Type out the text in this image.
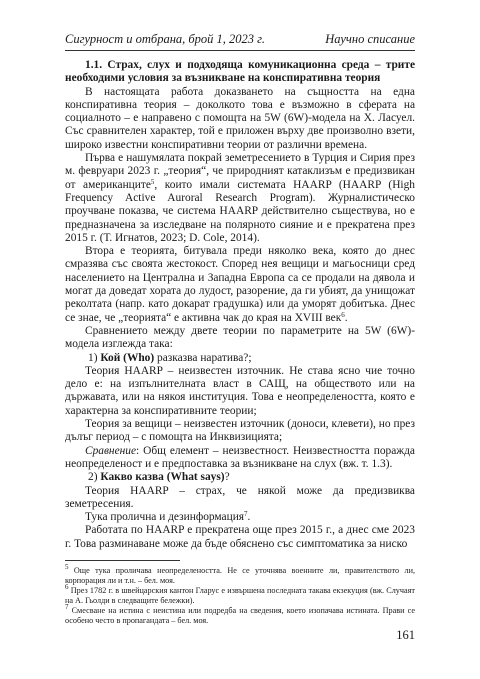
Сигурност и отбрана, брой 1, 2023 г.	Научно списание

1.1. Страх, слух и подходяща комуникационна среда – трите необходими условия за възникване на конспиративна теория

В настоящата работа доказването на същността на една конспиративна теория – доколкото това е възможно в сферата на социалното – е направено с помощта на 5W (6W)-модела на Х. Ласуел. Със сравнителен характер, той е приложен върху две произволно взети, широко известни конспиративни теории от различни времена.

Първа е нашумялата покрай земетресението в Турция и Сирия през м. февруари 2023 г. „теория“, че природният катаклизъм е предизвикан от американците$^5$, които имали системата HAARP (HAARP (High Frequency Active Auroral Research Program). Журналистическо проучване показва, че система HAARP действително съществува, но е предназначена за изследване на полярното сияние и е прекратена през 2015 г. (Т. Игнатов, 2023; D. Cole, 2014).

Втора е теорията, битувала преди няколко века, която до днес смразява със своята жестокост. Според нея вещици и магьосници сред населението на Централна и Западна Европа са се продали на дявола и могат да доведат хората до лудост, разорение, да ги убият, да унищожат реколтата (напр. като докарат градушка) или да уморят добитъка. Днес се знае, че „теорията“ е активна чак до края на XVIII век$^6$.

Сравнението между двете теории по параметрите на 5W (6W)-модела изглежда така:

1) Кой (Who) разказва наратива?;

Теория HAARP – неизвестен източник. Не става ясно чие точно дело е: на изпълнителната власт в САЩ, на обществото или на държавата, или на някоя институция. Това е неопределеността, която е характерна за конспиративните теории;

Теория за вещици – неизвестен източник (доноси, клевети), но през дълъг период – с помощта на Инквизицията;

Сравнение: Общ елемент – неизвестност. Неизвестността поражда неопределеност и е предпоставка за възникване на слух (вж. т. 1.3).

2) Какво казва (What says)?

Теория HAARP – страх, че някой може да предизвиква земетресения.

Тука пролична и дезинформация$^7$.

Работата по HAARP е прекратена още през 2015 г., а днес сме 2023 г. Това разминаване може да бъде обяснено със симптоматика за ниско

$^5$ Още тука проличава неопределеността. Не се уточнява военните ли, правителството ли, корпорация ли и т.н. – бел. моя.

$^6$ През 1782 г. в швейцарския кантон Гларус е извършена последната такава екзекуция (вж. Случаят на А. Гьолди в следващите бележки).

$^7$ Смесване на истина с неистина или подредба на сведения, което изопачава истината. Прави се особено често в пропагандата – бел. моя.

161
